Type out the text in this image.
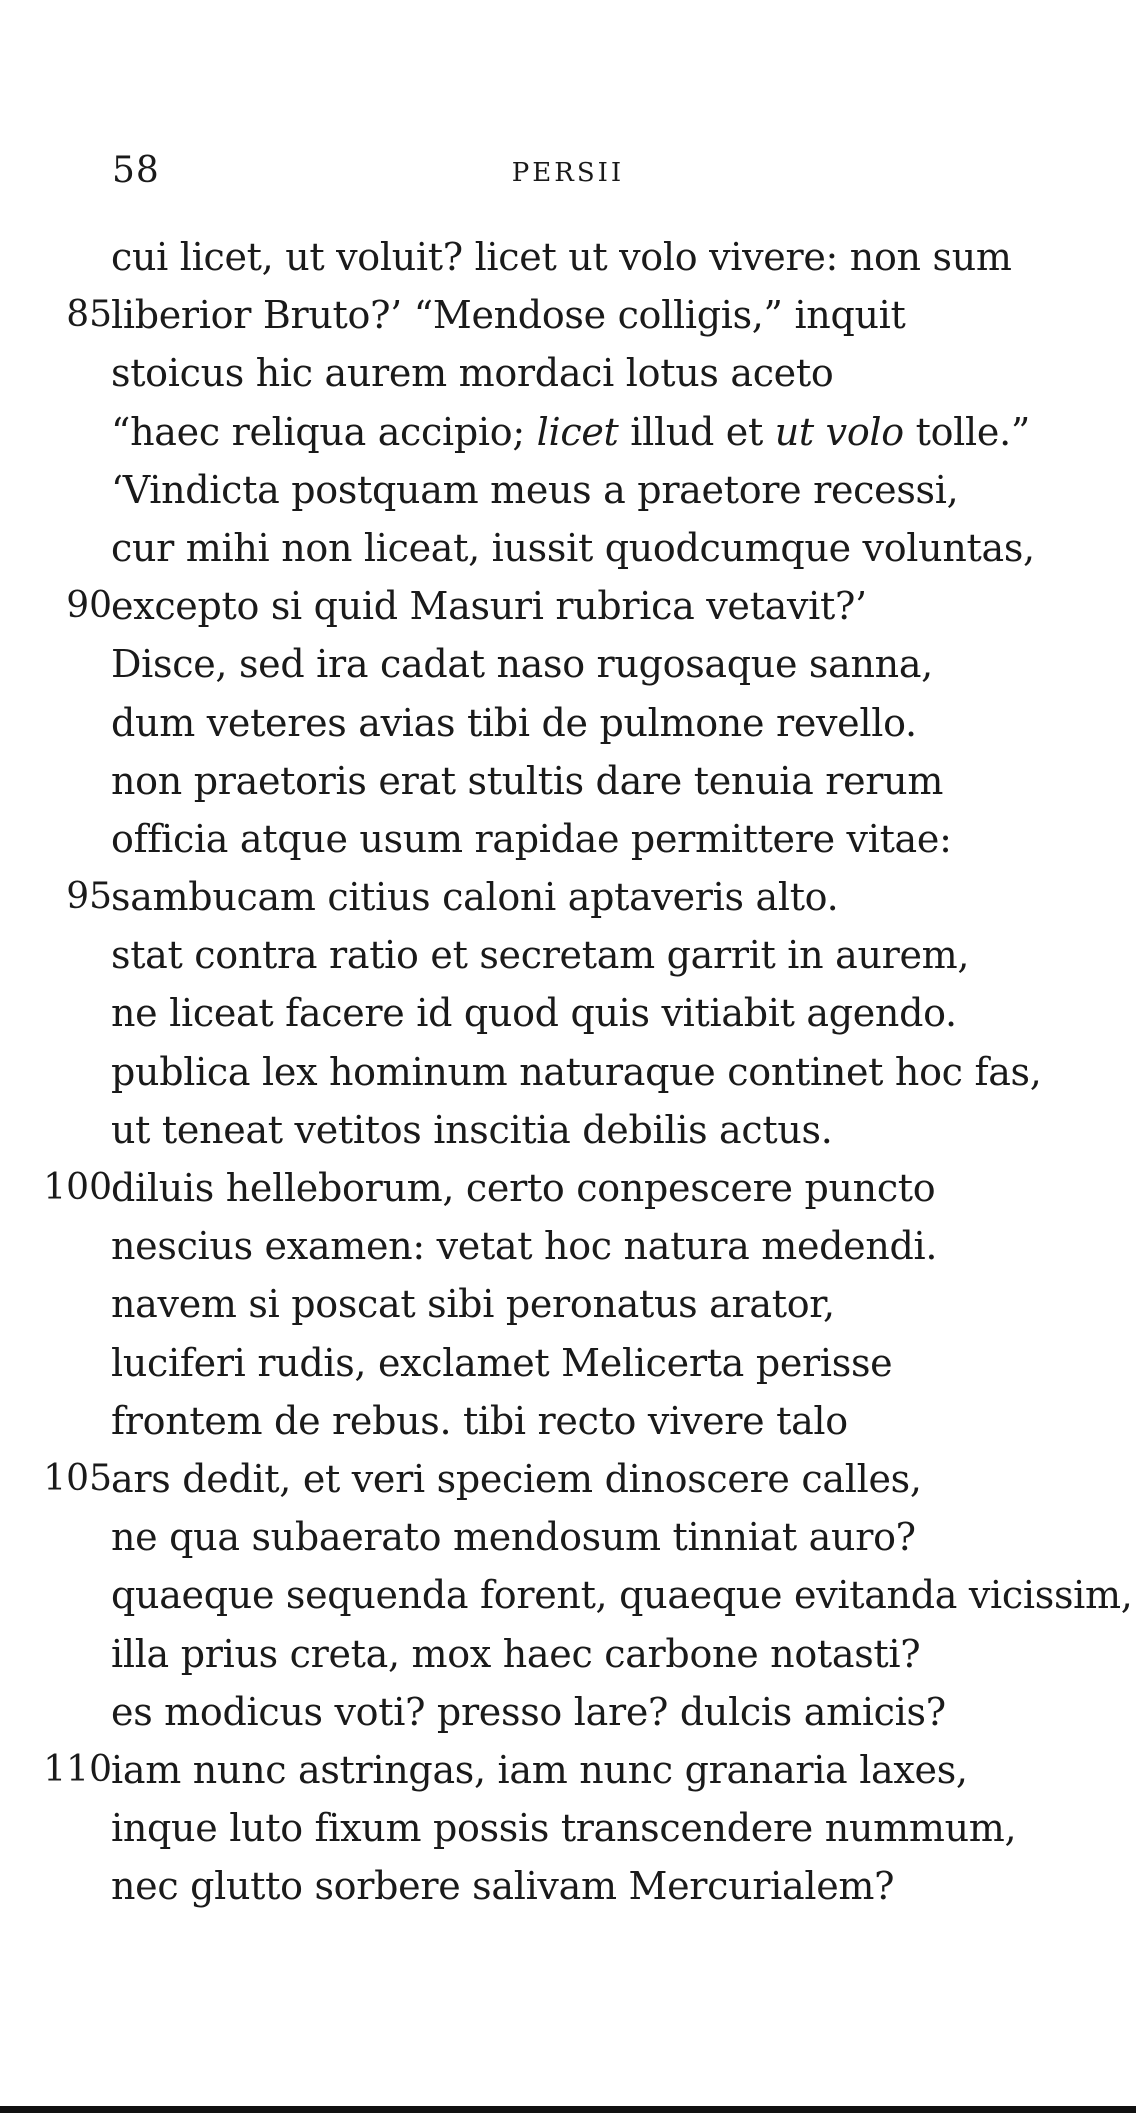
58	PERSII
cui licet, ut voluit? licet ut volo vivere: non sum
85 liberior Bruto?’ “Mendose colligis,” inquit
stoicus hic aurem mordaci lotus aceto
“haec reliqua accipio; licet illud et ut volo tolle.”
‘Vindicta postquam meus a praetore recessi,
cur mihi non liceat, iussit quodcumque voluntas,
90 excepto si quid Masuri rubrica vetavit?’
Disce, sed ira cadat naso rugosaque sanna,
dum veteres avias tibi de pulmone revello.
non praetoris erat stultis dare tenuia rerum
officia atque usum rapidae permittere vitae:
95 sambucam citius caloni aptaveris alto.
stat contra ratio et secretam garrit in aurem,
ne liceat facere id quod quis vitiabit agendo.
publica lex hominum naturaque continet hoc fas,
ut teneat vetitos inscitia debilis actus.
100 diluis helleborum, certo conpescere puncto
nescius examen: vetat hoc natura medendi.
navem si poscat sibi peronatus arator,
luciferi rudis, exclamet Melicerta perisse
frontem de rebus. tibi recto vivere talo
105 ars dedit, et veri speciem dinoscere calles,
ne qua subaerato mendosum tinniat auro?
quaeque sequenda forent, quaeque evitanda vicissim,
illa prius creta, mox haec carbone notasti?
es modicus voti? presso lare? dulcis amicis?
110 iam nunc astringas, iam nunc granaria laxes,
inque luto fixum possis transcendere nummum,
nec glutto sorbere salivam Mercurialem?
